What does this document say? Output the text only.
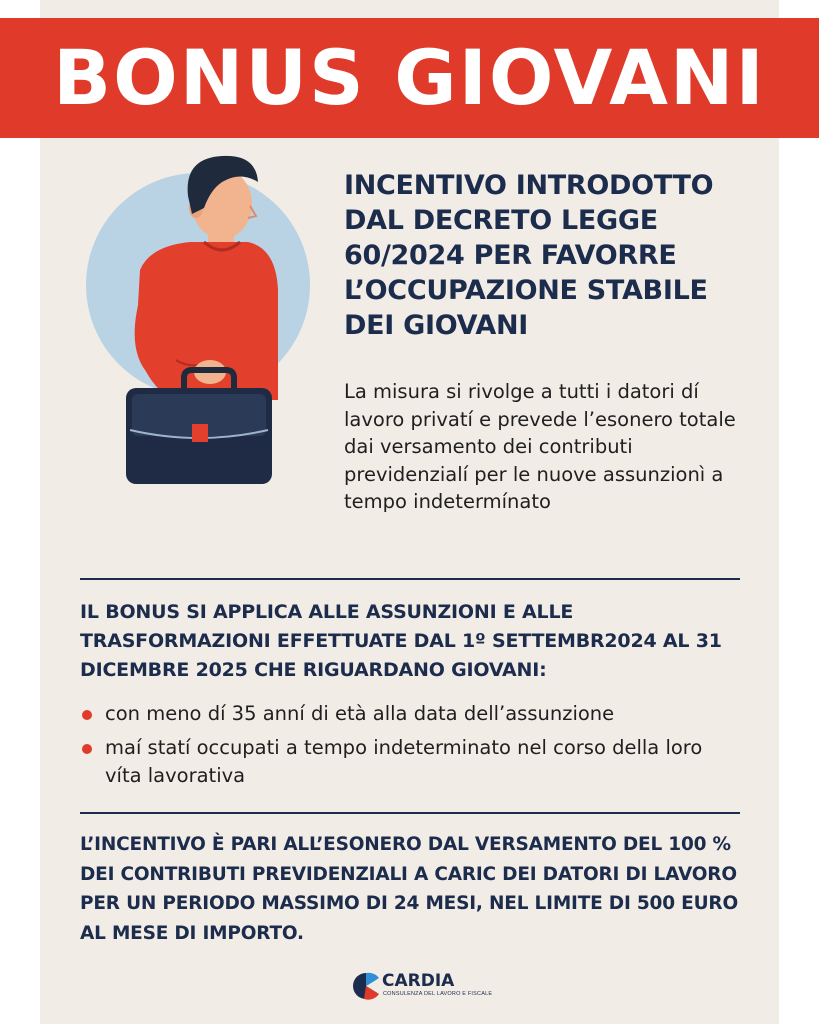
BONUS GIOVANI
INCENTIVO INTRODOTTO DAL DECRETO LEGGE 60/2024 PER FAVORRE L’OCCUPAZIONE STABILE DEI GIOVANI

La misura si rivolge a tutti i datori dí lavoro privatí e prevede l’esonero totale dai versamento dei contributi previdenzialí per le nuove assunzionì a tempo indetermínato

IL BONUS SI APPLICA ALLE ASSUNZIONI E ALLE TRASFORMAZIONI EFFETTUATE DAL 1º SETTEMBR2024 AL 31 DICEMBRE 2025 CHE RIGUARDANO GIOVANI:
con meno dí 35 anní di età alla data dell’assunzione
maí statí occupati a tempo indeterminato nel corso della loro víta lavorativa

L’INCENTIVO È PARI ALL’ESONERO DAL VERSAMENTO DEL 100 % DEI CONTRIBUTI PREVIDENZIALI A CARIC DEI DATORI DI LAVORO PER UN PERIODO MASSIMO DI 24 MESI, NEL LIMITE DI 500 EURO AL MESE DI IMPORTO.

CARDIA
CONSULENZA DEL LAVORO E FISCALE
